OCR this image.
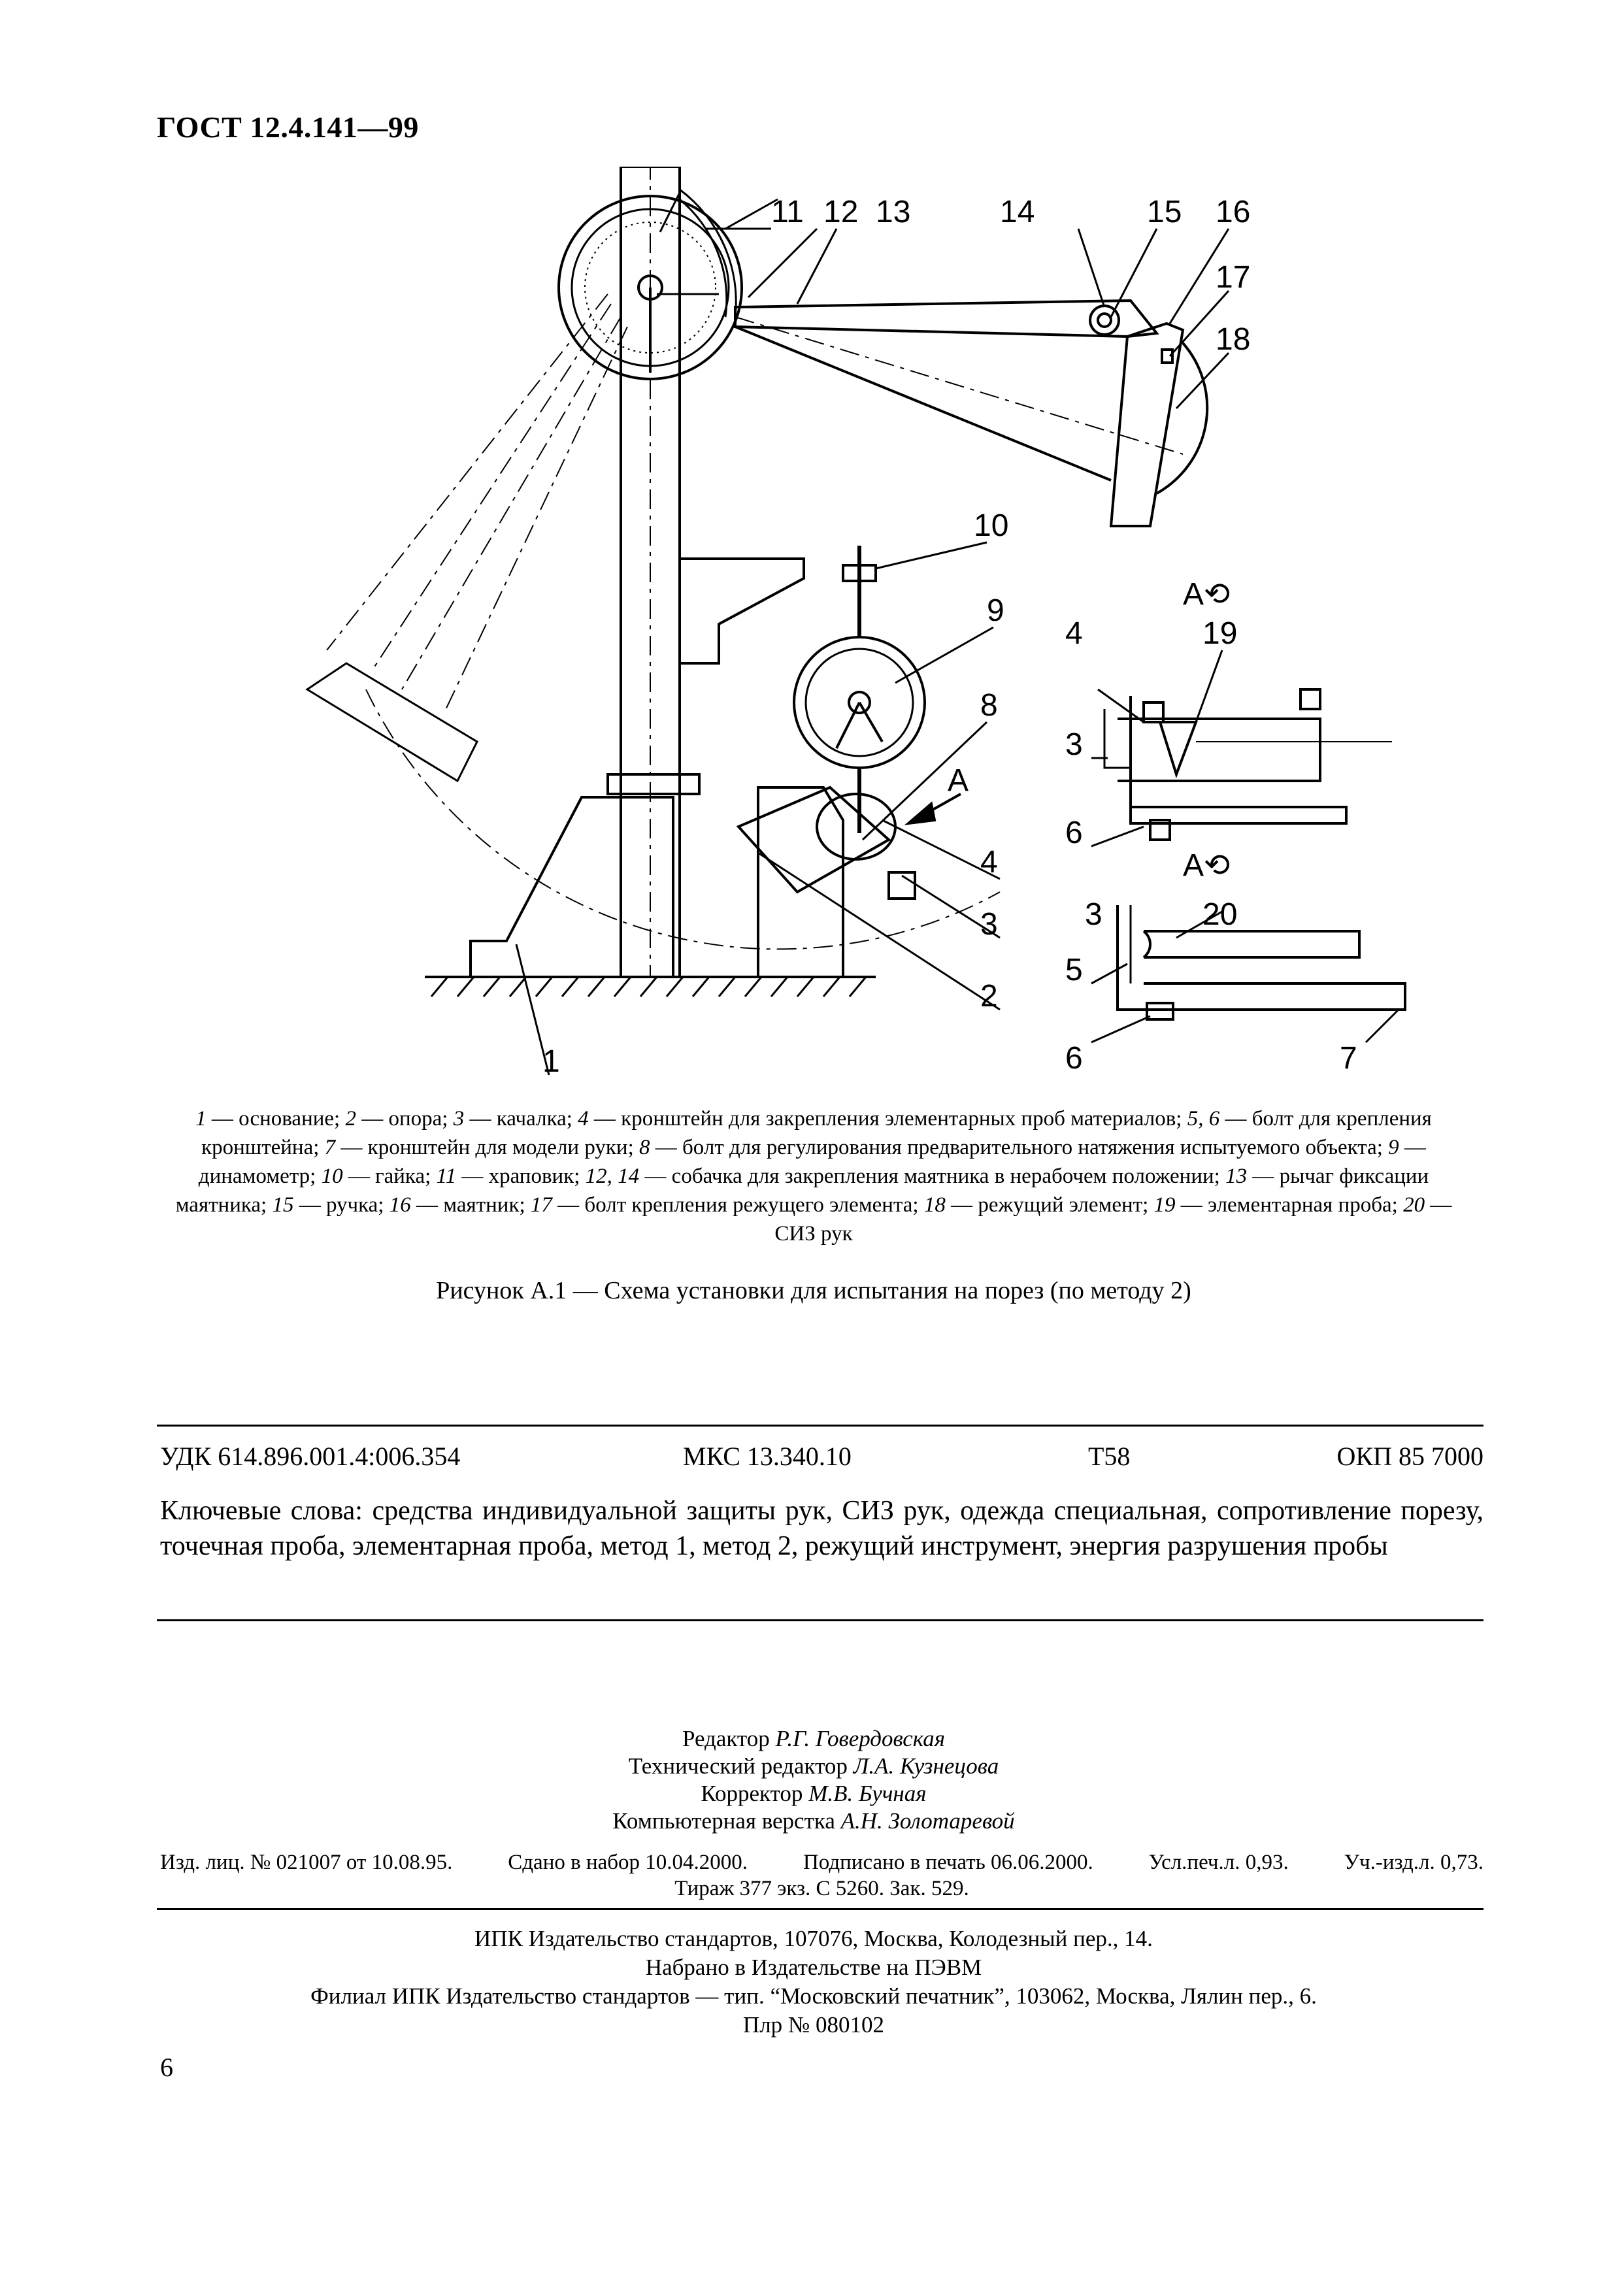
ГОСТ 12.4.141—99
11 12 13	14	15 16
17
18
10
9
8
4
3
2
1
А
А⟲
4	19
3
6
А⟲
3	20
5
6	7
1 — основание; 2 — опора; 3 — качалка; 4 — кронштейн для закрепления элементарных проб материалов; 5, 6 — болт для крепления кронштейна; 7 — кронштейн для модели руки; 8 — болт для регулирования предварительного натяжения испытуемого объекта; 9 — динамометр; 10 — гайка; 11 — храповик; 12, 14 — собачка для закрепления маятника в нерабочем положении; 13 — рычаг фиксации маятника; 15 — ручка; 16 — маятник; 17 — болт крепления режущего элемента; 18 — режущий элемент; 19 — элементарная проба; 20 — СИЗ рук
Рисунок А.1 — Схема установки для испытания на порез (по методу 2)
УДК 614.896.001.4:006.354	МКС 13.340.10	Т58	ОКП 85 7000
Ключевые слова: средства индивидуальной защиты рук, СИЗ рук, одежда специальная, сопротивление порезу, точечная проба, элементарная проба, метод 1, метод 2, режущий инструмент, энергия разрушения пробы
Редактор Р.Г. Говердовская
Технический редактор Л.А. Кузнецова
Корректор М.В. Бучная
Компьютерная верстка А.Н. Золотаревой
Изд. лиц. № 021007 от 10.08.95.	Сдано в набор 10.04.2000.	Подписано в печать 06.06.2000.	Усл.печ.л. 0,93.	Уч.-изд.л. 0,73.
Тираж 377 экз. С 5260. Зак. 529.
ИПК Издательство стандартов, 107076, Москва, Колодезный пер., 14.
Набрано в Издательстве на ПЭВМ
Филиал ИПК Издательство стандартов — тип. “Московский печатник”, 103062, Москва, Лялин пер., 6.
Плр № 080102
6
